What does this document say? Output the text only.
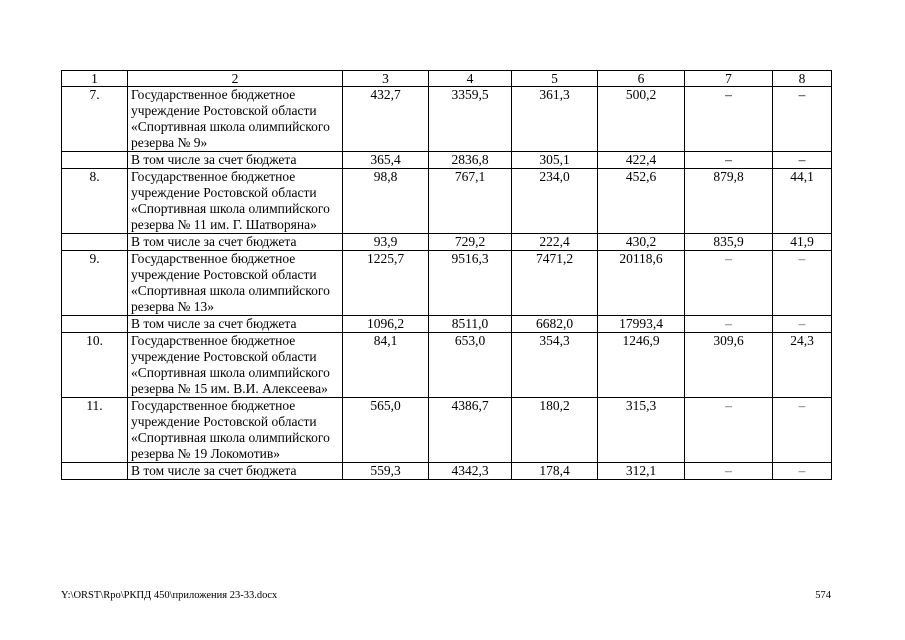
1	2	3	4	5	6	7	8
7.	Государственное бюджетное учреждение Ростовской области «Спортивная школа олимпийского резерва № 9»	432,7	3359,5	361,3	500,2	–	–
	В том числе за счет бюджета	365,4	2836,8	305,1	422,4	–	–
8.	Государственное бюджетное учреждение Ростовской области «Спортивная школа олимпийского резерва № 11 им. Г. Шатворяна»	98,8	767,1	234,0	452,6	879,8	44,1
	В том числе за счет бюджета	93,9	729,2	222,4	430,2	835,9	41,9
9.	Государственное бюджетное учреждение Ростовской области «Спортивная школа олимпийского резерва № 13»	1225,7	9516,3	7471,2	20118,6	–	–
	В том числе за счет бюджета	1096,2	8511,0	6682,0	17993,4	–	–
10.	Государственное бюджетное учреждение Ростовской области «Спортивная школа олимпийского резерва № 15 им. В.И. Алексеева»	84,1	653,0	354,3	1246,9	309,6	24,3
11.	Государственное бюджетное учреждение Ростовской области «Спортивная школа олимпийского резерва № 19 Локомотив»	565,0	4386,7	180,2	315,3	–	–
	В том числе за счет бюджета	559,3	4342,3	178,4	312,1	–	–
Y:\ORST\Rpo\РКПД 450\приложения 23-33.docx	574
